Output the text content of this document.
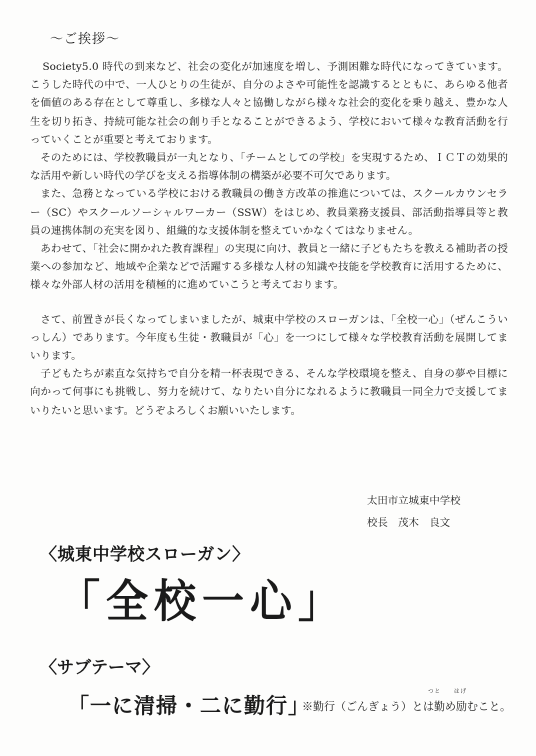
～ご挨拶～

Society5.0 時代の到来など、社会の変化が加速度を増し、予測困難な時代になってきています。こうした時代の中で、一人ひとりの生徒が、自分のよさや可能性を認識するとともに、あらゆる他者を価値のある存在として尊重し、多様な人々と協働しながら様々な社会的変化を乗り越え、豊かな人生を切り拓き、持続可能な社会の創り手となることができるよう、学校において様々な教育活動を行っていくことが重要と考えております。

そのためには、学校教職員が一丸となり、「チームとしての学校」を実現するため、ＩＣＴの効果的な活用や新しい時代の学びを支える指導体制の構築が必要不可欠であります。

また、急務となっている学校における教職員の働き方改革の推進については、スクールカウンセラー（SC）やスクールソーシャルワーカー（SSW）をはじめ、教員業務支援員、部活動指導員等と教員の連携体制の充実を図り、組織的な支援体制を整えていかなくてはなりません。

あわせて、「社会に開かれた教育課程」の実現に向け、教員と一緒に子どもたちを教える補助者の授業への参加など、地域や企業などで活躍する多様な人材の知識や技能を学校教育に活用するために、様々な外部人材の活用を積極的に進めていこうと考えております。

さて、前置きが長くなってしまいましたが、城東中学校のスローガンは、「全校一心」（ぜんこういっしん）であります。今年度も生徒・教職員が「心」を一つにして様々な学校教育活動を展開してまいります。

子どもたちが素直な気持ちで自分を精一杯表現できる、そんな学校環境を整え、自身の夢や目標に向かって何事にも挑戦し、努力を続けて、なりたい自分になれるように教職員一同全力で支援してまいりたいと思います。どうぞよろしくお願いいたします。

太田市立城東中学校
校長　茂木　良文
〈城東中学校スローガン〉
「全校一心」
〈サブテーマ〉
「一に清掃・二に勤行」
つと　　はげ
※勤行（ごんぎょう）とは勤め励むこと。
